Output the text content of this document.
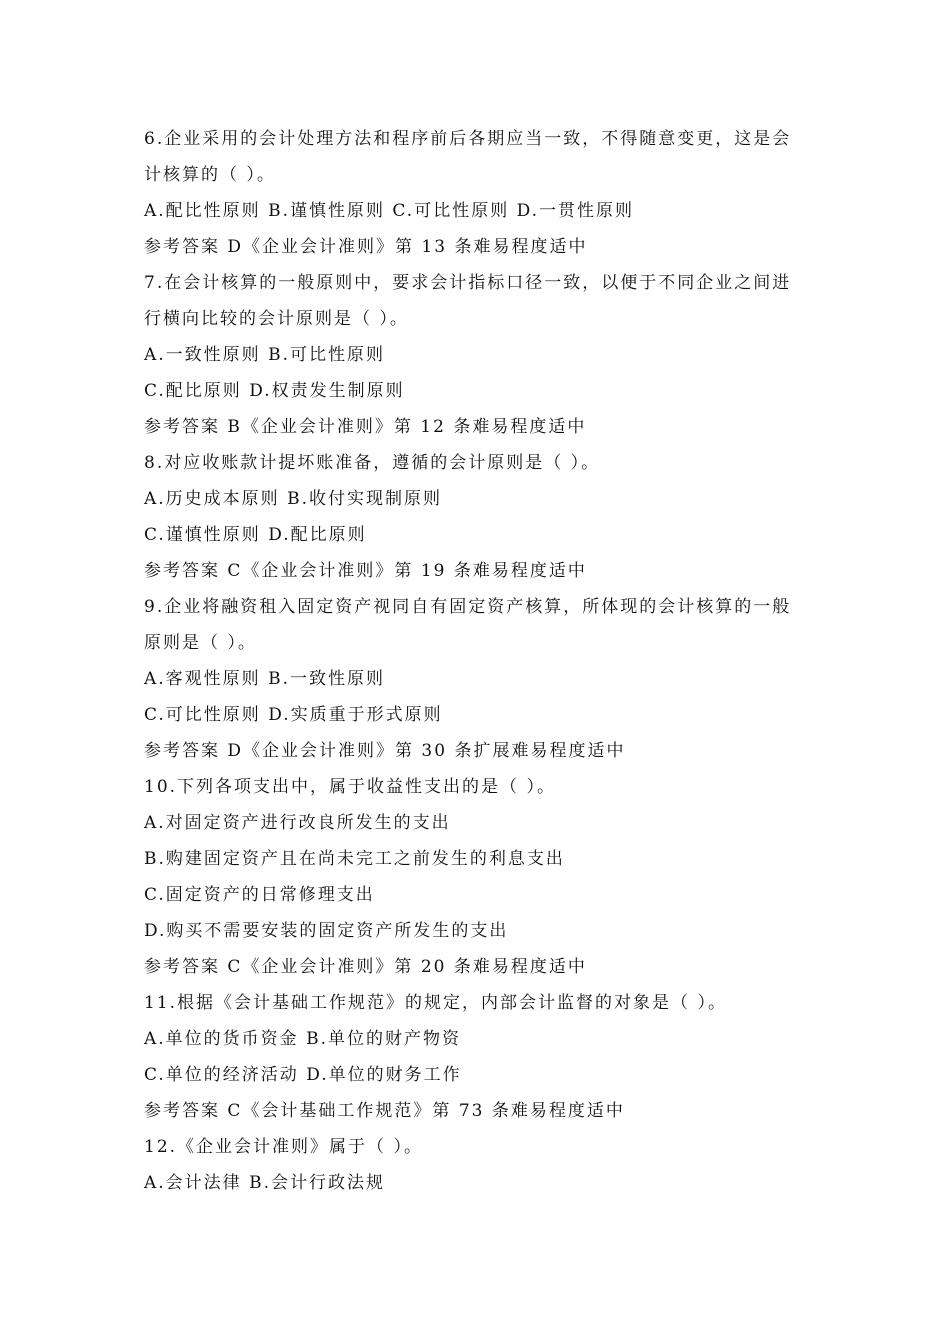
6.企业采用的会计处理方法和程序前后各期应当一致，不得随意变更，这是会
计核算的（ ）。
A.配比性原则 B.谨慎性原则 C.可比性原则 D.一贯性原则
参考答案 D《企业会计准则》第 13 条难易程度适中
7.在会计核算的一般原则中，要求会计指标口径一致，以便于不同企业之间进
行横向比较的会计原则是（ ）。
A.一致性原则 B.可比性原则
C.配比原则 D.权责发生制原则
参考答案 B《企业会计准则》第 12 条难易程度适中
8.对应收账款计提坏账准备，遵循的会计原则是（ ）。
A.历史成本原则 B.收付实现制原则
C.谨慎性原则 D.配比原则
参考答案 C《企业会计准则》第 19 条难易程度适中
9.企业将融资租入固定资产视同自有固定资产核算，所体现的会计核算的一般
原则是（ ）。
A.客观性原则 B.一致性原则
C.可比性原则 D.实质重于形式原则
参考答案 D《企业会计准则》第 30 条扩展难易程度适中
10.下列各项支出中，属于收益性支出的是（ ）。
A.对固定资产进行改良所发生的支出
B.购建固定资产且在尚未完工之前发生的利息支出
C.固定资产的日常修理支出
D.购买不需要安装的固定资产所发生的支出
参考答案 C《企业会计准则》第 20 条难易程度适中
11.根据《会计基础工作规范》的规定，内部会计监督的对象是（ ）。
A.单位的货币资金 B.单位的财产物资
C.单位的经济活动 D.单位的财务工作
参考答案 C《会计基础工作规范》第 73 条难易程度适中
12.《企业会计准则》属于（ ）。
A.会计法律 B.会计行政法规
